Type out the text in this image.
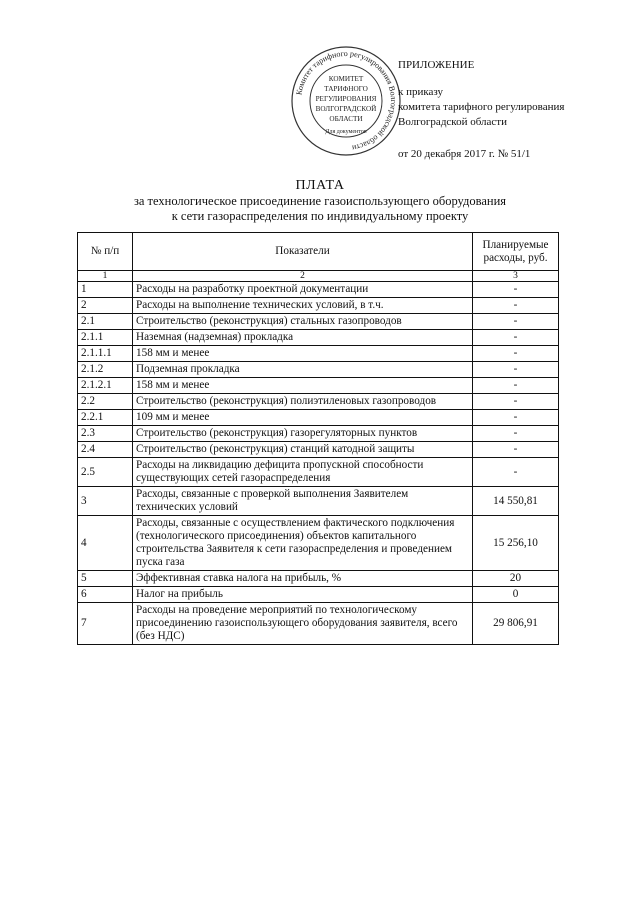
Комитет тарифного регулирования Волгоградской области
КОМИТЕТ
ТАРИФНОГО
РЕГУЛИРОВАНИЯ
ВОЛГОГРАДСКОЙ
ОБЛАСТИ
Для документов
ПРИЛОЖЕНИЕ
к приказу
комитета тарифного регулирования
Волгоградской области
от 20 декабря 2017 г. № 51/1
ПЛАТА
за технологическое присоединение газоиспользующего оборудования
к сети газораспределения по индивидуальному проекту
№ п/п	Показатели	Планируемые расходы, руб.
1	2	3
1	Расходы на разработку проектной документации	-
2	Расходы на выполнение технических условий, в т.ч.	-
2.1	Строительство (реконструкция) стальных газопроводов	-
2.1.1	Наземная (надземная) прокладка	-
2.1.1.1	158 мм и менее	-
2.1.2	Подземная прокладка	-
2.1.2.1	158 мм и менее	-
2.2	Строительство (реконструкция) полиэтиленовых газопроводов	-
2.2.1	109 мм и менее	-
2.3	Строительство (реконструкция) газорегуляторных пунктов	-
2.4	Строительство (реконструкция) станций катодной защиты	-
2.5	Расходы на ликвидацию дефицита пропускной способности существующих сетей газораспределения	-
3	Расходы, связанные с проверкой выполнения Заявителем технических условий	14 550,81
4	Расходы, связанные с осуществлением фактического подключения (технологического присоединения) объектов капитального строительства Заявителя к сети газораспределения и проведением пуска газа	15 256,10
5	Эффективная ставка налога на прибыль, %	20
6	Налог на прибыль	0
7	Расходы на проведение мероприятий по технологическому присоединению газоиспользующего оборудования заявителя, всего (без НДС)	29 806,91
